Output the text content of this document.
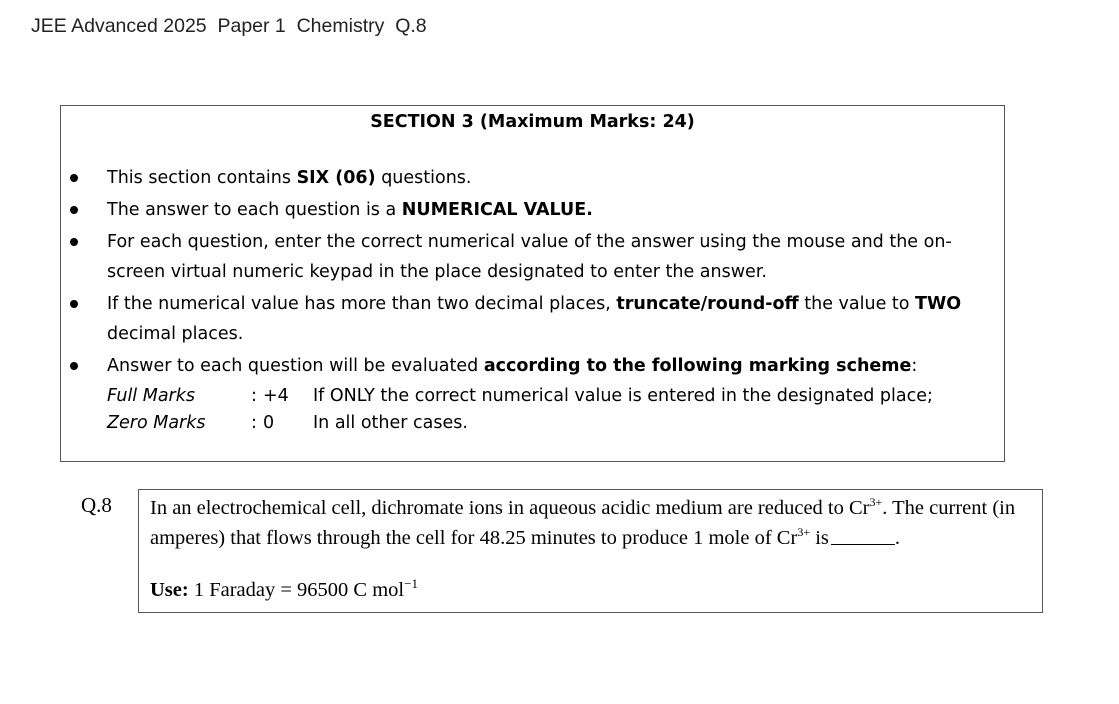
JEE Advanced 2025  Paper 1  Chemistry  Q.8
SECTION 3 (Maximum Marks: 24)
This section contains SIX (06) questions.
The answer to each question is a NUMERICAL VALUE.
For each question, enter the correct numerical value of the answer using the mouse and the on-screen virtual numeric keypad in the place designated to enter the answer.
If the numerical value has more than two decimal places, truncate/round-off the value to TWO decimal places.
Answer to each question will be evaluated according to the following marking scheme:
Full Marks	: +4 If ONLY the correct numerical value is entered in the designated place;
Zero Marks	: 0 In all other cases.
Q.8 In an electrochemical cell, dichromate ions in aqueous acidic medium are reduced to $Cr^{3+}$. The current (in amperes) that flows through the cell for 48.25 minutes to produce 1 mole of $Cr^{3+}$ is	.
Use: 1 Faraday = 96500 C mol$^{-1}$
